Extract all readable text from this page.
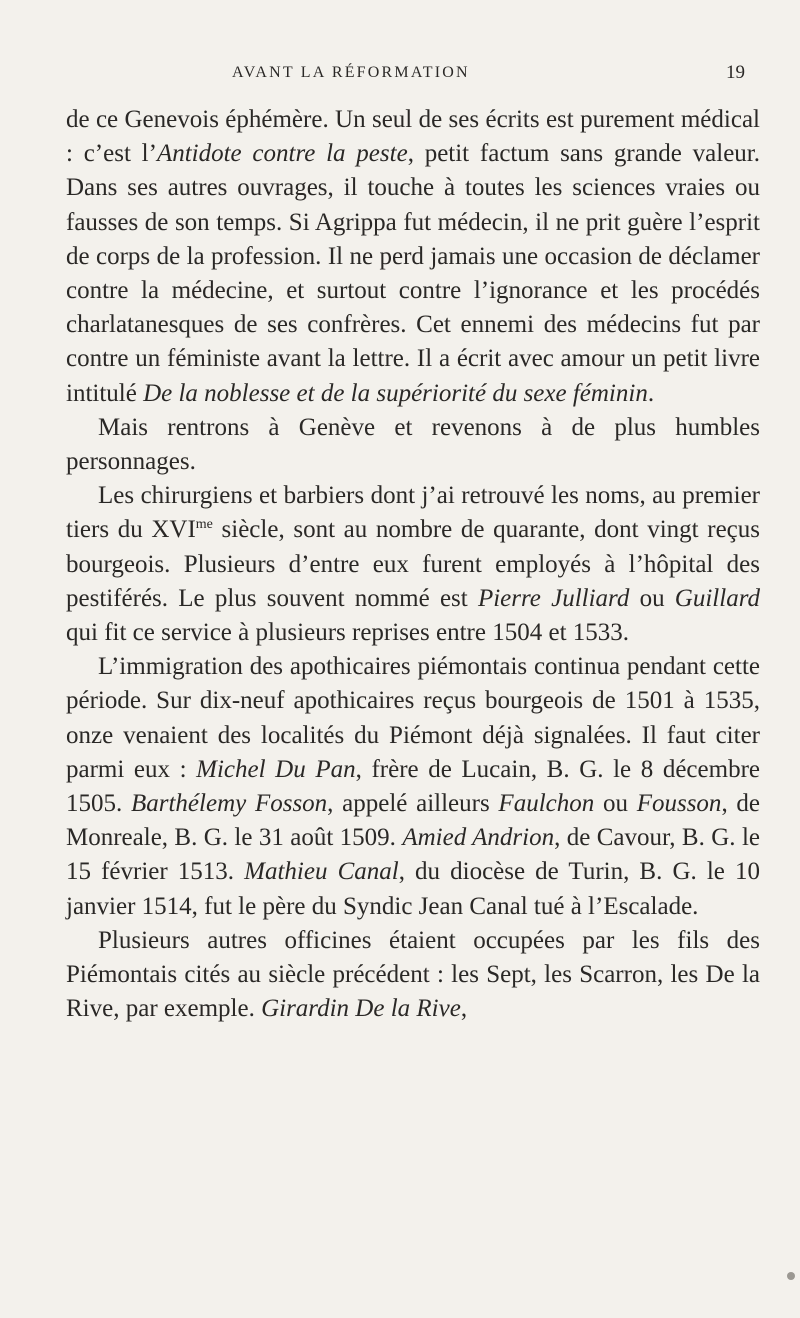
AVANT LA RÉFORMATION	19

de ce Genevois éphémère. Un seul de ses écrits est purement médical : c’est l’Antidote contre la peste, petit factum sans grande valeur. Dans ses autres ouvrages, il touche à toutes les sciences vraies ou fausses de son temps. Si Agrippa fut médecin, il ne prit guère l’esprit de corps de la profession. Il ne perd jamais une occasion de déclamer contre la médecine, et surtout contre l’ignorance et les procédés charlatanesques de ses confrères. Cet ennemi des médecins fut par contre un féministe avant la lettre. Il a écrit avec amour un petit livre intitulé De la noblesse et de la supériorité du sexe féminin.

Mais rentrons à Genève et revenons à de plus humbles personnages.

Les chirurgiens et barbiers dont j’ai retrouvé les noms, au premier tiers du $XVI^{me}$ siècle, sont au nombre de quarante, dont vingt reçus bourgeois. Plusieurs d’entre eux furent employés à l’hôpital des pestiférés. Le plus souvent nommé est Pierre Julliard ou Guillard qui fit ce service à plusieurs reprises entre 1504 et 1533.

L’immigration des apothicaires piémontais continua pendant cette période. Sur dix-neuf apothicaires reçus bourgeois de 1501 à 1535, onze venaient des localités du Piémont déjà signalées. Il faut citer parmi eux : Michel Du Pan, frère de Lucain, B. G. le 8 décembre 1505. Barthélemy Fosson, appelé ailleurs Faulchon ou Fousson, de Monreale, B. G. le 31 août 1509. Amied Andrion, de Cavour, B. G. le 15 février 1513. Mathieu Canal, du diocèse de Turin, B. G. le 10 janvier 1514, fut le père du Syndic Jean Canal tué à l’Escalade.

Plusieurs autres officines étaient occupées par les fils des Piémontais cités au siècle précédent : les Sept, les Scarron, les De la Rive, par exemple. Girardin De la Rive,
